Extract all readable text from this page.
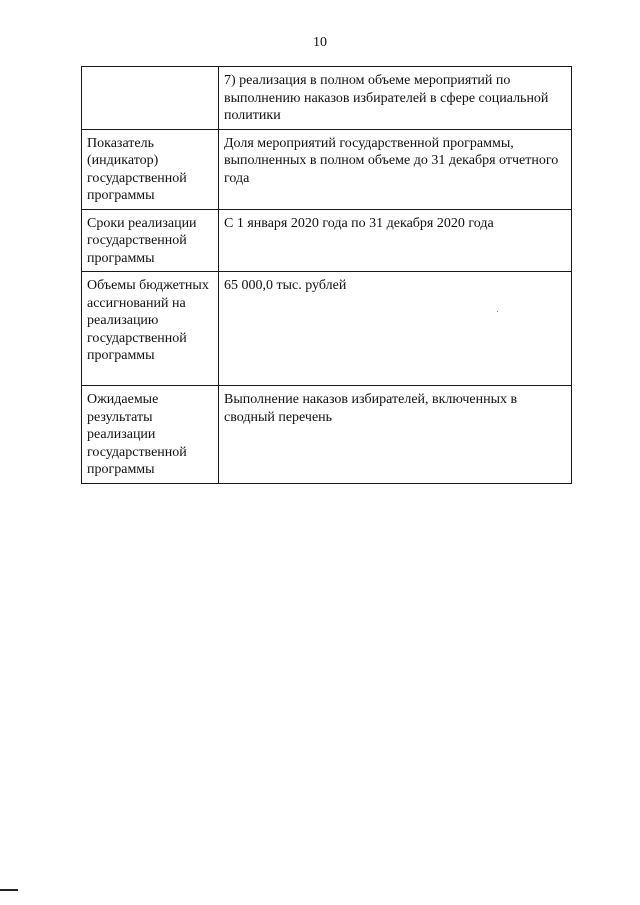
10
	7) реализация в полном объеме мероприятий по выполнению наказов избирателей в сфере социальной политики
Показатель (индикатор) государственной программы	Доля мероприятий государственной программы, выполненных в полном объеме до 31 декабря отчетного года
Сроки реализации государственной программы	С 1 января 2020 года по 31 декабря 2020 года
Объемы бюджетных ассигнований на реализацию государственной программы	65 000,0 тыс. рублей
Ожидаемые результаты реализации государственной программы	Выполнение наказов избирателей, включенных в сводный перечень
